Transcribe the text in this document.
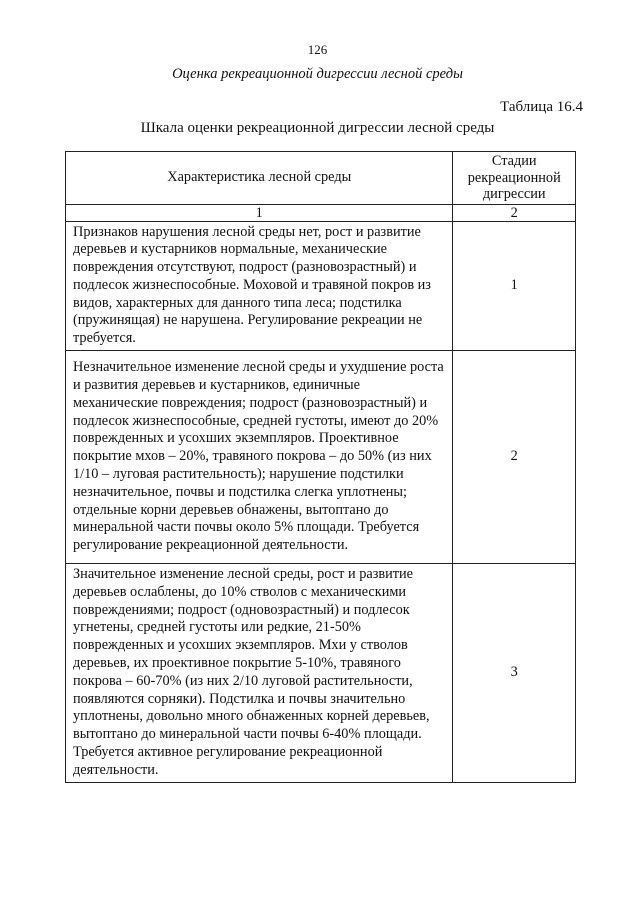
126
Оценка рекреационной дигрессии лесной среды
Таблица 16.4
Шкала оценки рекреационной дигрессии лесной среды
Характеристика лесной среды	Стадии рекреационной дигрессии
1	2
Признаков нарушения лесной среды нет, рост и развитие деревьев и кустарников нормальные, механические повреждения отсутствуют, подрост (разновозрастный) и подлесок жизнеспособные. Моховой и травяной покров из видов, характерных для данного типа леса; подстилка (пружинящая) не нарушена. Регулирование рекреации не требуется.	1
Незначительное изменение лесной среды и ухудшение роста и развития деревьев и кустарников, единичные механические повреждения; подрост (разновозрастный) и подлесок жизнеспособные, средней густоты, имеют до 20% поврежденных и усохших экземпляров. Проективное покрытие мхов – 20%, травяного покрова – до 50% (из них 1/10 – луговая растительность); нарушение подстилки незначительное, почвы и подстилка слегка уплотнены; отдельные корни деревьев обнажены, вытоптано до минеральной части почвы около 5% площади. Требуется регулирование рекреационной деятельности.	2
Значительное изменение лесной среды, рост и развитие деревьев ослаблены, до 10% стволов с механическими повреждениями; подрост (одновозрастный) и подлесок угнетены, средней густоты или редкие, 21-50% поврежденных и усохших экземпляров. Мхи у стволов деревьев, их проективное покрытие 5-10%, травяного покрова – 60-70% (из них 2/10 луговой растительности, появляются сорняки). Подстилка и почвы значительно уплотнены, довольно много обнаженных корней деревьев, вытоптано до минеральной части почвы 6-40% площади. Требуется активное регулирование рекреационной деятельности.	3
